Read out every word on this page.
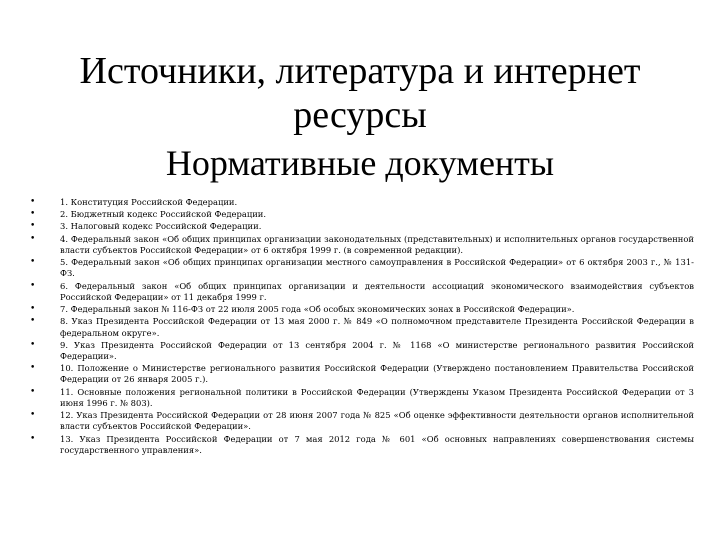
Источники, литература и интернет
ресурсы
Нормативные документы
• 1. Конституция Российской Федерации.
• 2. Бюджетный кодекс Российской Федерации.
• 3. Налоговый кодекс Российской Федерации.
• 4. Федеральный закон «Об общих принципах организации законодательных (представительных) и исполнительных органов государственной власти субъектов Российской Федерации» от 6 октября 1999 г. (в современной редакции).
• 5. Федеральный закон «Об общих принципах организации местного самоуправления в Российской Федерации» от 6 октября 2003 г., № 131-ФЗ.
• 6. Федеральный закон «Об общих принципах организации и деятельности ассоциаций экономического взаимодействия субъектов Российской Федерации» от 11 декабря 1999 г.
• 7. Федеральный закон № 116-ФЗ от 22 июля 2005 года «Об особых экономических зонах в Российской Федерации».
• 8. Указ Президента Российской Федерации от 13 мая 2000 г. № 849 «О полномочном представителе Президента Российской Федерации в федеральном округе».
• 9. Указ Президента Российской Федерации от 13 сентября 2004 г. № 1168 «О министерстве регионального развития Российской Федерации».
• 10. Положение о Министерстве регионального развития Российской Федерации (Утверждено постановлением Правительства Российской Федерации от 26 января 2005 г.).
• 11. Основные положения региональной политики в Российской Федерации (Утверждены Указом Президента Российской Федерации от 3 июня 1996 г. № 803).
• 12. Указ Президента Российской Федерации от 28 июня 2007 года № 825 «Об оценке эффективности деятельности органов исполнительной власти субъектов Российской Федерации».
• 13. Указ Президента Российской Федерации от 7 мая 2012 года № 601 «Об основных направлениях совершенствования системы государственного управления».
